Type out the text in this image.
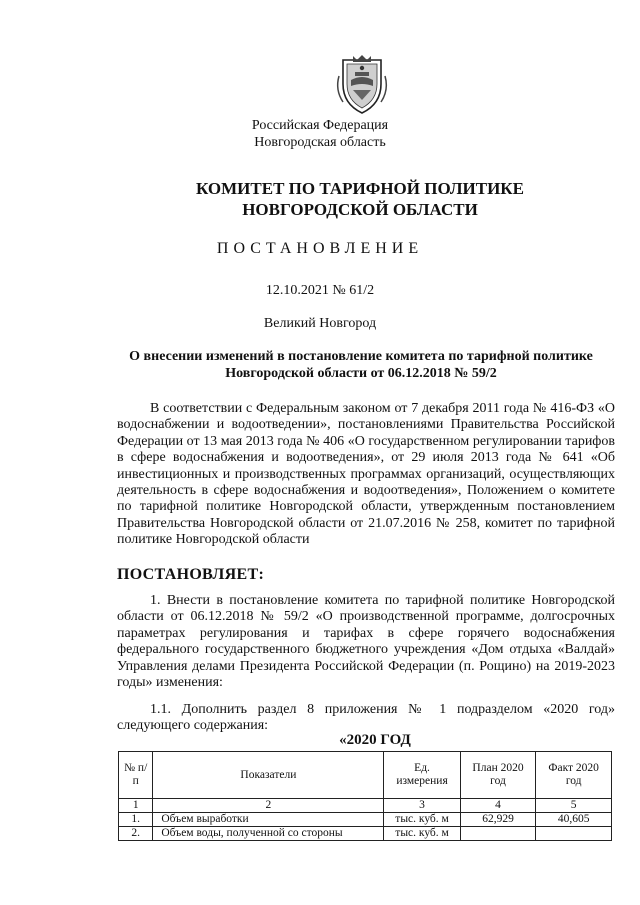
Российская Федерация
Новгородская область
КОМИТЕТ ПО ТАРИФНОЙ ПОЛИТИКЕ НОВГОРОДСКОЙ ОБЛАСТИ
ПОСТАНОВЛЕНИЕ
12.10.2021 № 61/2
Великий Новгород
О внесении изменений в постановление комитета по тарифной политике Новгородской области от 06.12.2018 № 59/2
В соответствии с Федеральным законом от 7 декабря 2011 года № 416-ФЗ «О водоснабжении и водоотведении», постановлениями Правительства Российской Федерации от 13 мая 2013 года № 406 «О государственном регулировании тарифов в сфере водоснабжения и водоотведения», от 29 июля 2013 года № 641 «Об инвестиционных и производственных программах организаций, осуществляющих деятельность в сфере водоснабжения и водоотведения», Положением о комитете по тарифной политике Новгородской области, утвержденным постановлением Правительства Новгородской области от 21.07.2016 № 258, комитет по тарифной политике Новгородской области
ПОСТАНОВЛЯЕТ:
1. Внести в постановление комитета по тарифной политике Новгородской области от 06.12.2018 № 59/2 «О производственной программе, долгосрочных параметрах регулирования и тарифах в сфере горячего водоснабжения федерального государственного бюджетного учреждения «Дом отдыха «Валдай» Управления делами Президента Российской Федерации (п. Рощино) на 2019-2023 годы» изменения:
1.1. Дополнить раздел 8 приложения № 1 подразделом «2020 год» следующего содержания:
«2020 ГОД
№ п/п	Показатели	Ед. измерения	План 2020 год	Факт 2020 год
1	2	3	4	5
1.	Объем выработки	тыс. куб. м	62,929	40,605
2.	Объем воды, полученной со стороны	тыс. куб. м		
